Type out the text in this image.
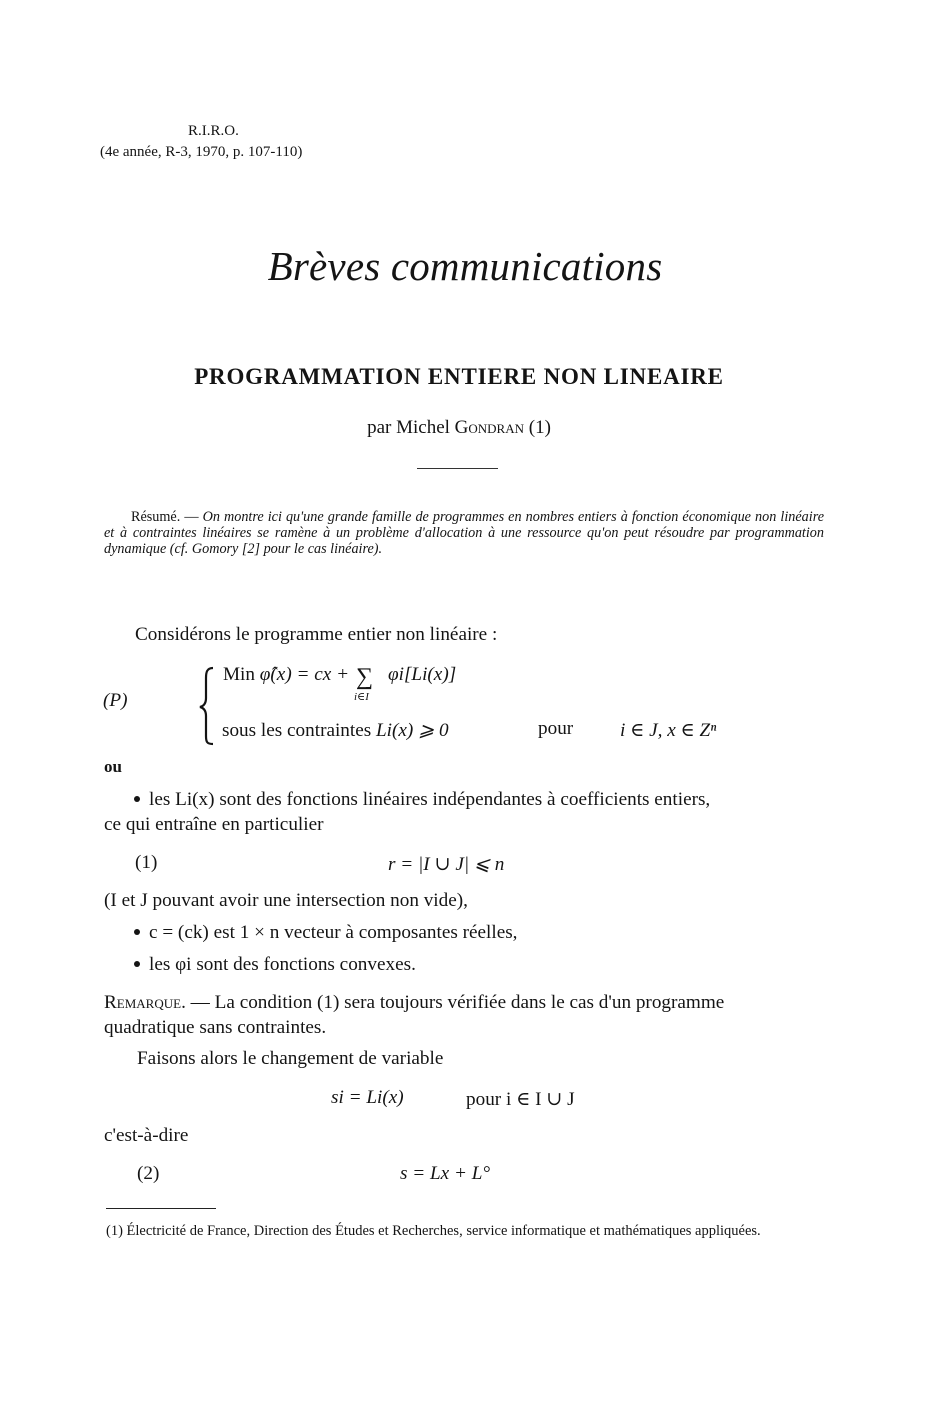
R.I.R.O.
(4e année, R-3, 1970, p. 107-110)
Brèves communications
PROGRAMMATION ENTIERE NON LINEAIRE
par Michel Gondran (1)
Résumé. — On montre ici qu'une grande famille de programmes en nombres entiers à fonction économique non linéaire et à contraintes linéaires se ramène à un problème d'allocation à une ressource qu'on peut résoudre par programmation dynamique (cf. Gomory [2] pour le cas linéaire).
Considérons le programme entier non linéaire :
(P)
Min φ̂(x) = cx + ∑
i∈I
φi[Li(x)]
sous les contraintes Li(x) ⩾ 0	pour i ∈ J, x ∈ Zⁿ
ou
les Li(x) sont des fonctions linéaires indépendantes à coefficients entiers,
ce qui entraîne en particulier
(1)	r = |I ∪ J| ⩽ n
(I et J pouvant avoir une intersection non vide),
c = (ck) est 1 × n vecteur à composantes réelles,
les φi sont des fonctions convexes.
Remarque. — La condition (1) sera toujours vérifiée dans le cas d'un programme
quadratique sans contraintes.
Faisons alors le changement de variable
si = Li(x)	pour i ∈ I ∪ J
c'est-à-dire
(2)	s = Lx + L°
(1) Électricité de France, Direction des Études et Recherches, service informatique et mathématiques appliquées.
